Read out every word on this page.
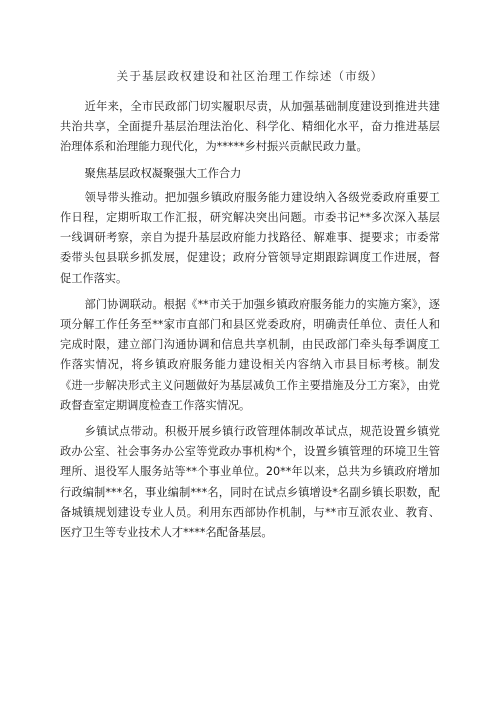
关于基层政权建设和社区治理工作综述（市级）

近年来，全市民政部门切实履职尽责，从加强基础制度建设到推进共建共治共享，全面提升基层治理法治化、科学化、精细化水平，奋力推进基层治理体系和治理能力现代化，为*****乡村振兴贡献民政力量。

聚焦基层政权凝聚强大工作合力

领导带头推动。把加强乡镇政府服务能力建设纳入各级党委政府重要工作日程，定期听取工作汇报，研究解决突出问题。市委书记**多次深入基层一线调研考察，亲自为提升基层政府能力找路径、解难事、提要求；市委常委带头包县联乡抓发展，促建设；政府分管领导定期跟踪调度工作进展，督促工作落实。

部门协调联动。根据《**市关于加强乡镇政府服务能力的实施方案》，逐项分解工作任务至**家市直部门和县区党委政府，明确责任单位、责任人和完成时限，建立部门沟通协调和信息共享机制，由民政部门牵头每季调度工作落实情况，将乡镇政府服务能力建设相关内容纳入市县目标考核。制发《进一步解决形式主义问题做好为基层减负工作主要措施及分工方案》，由党政督查室定期调度检查工作落实情况。

乡镇试点带动。积极开展乡镇行政管理体制改革试点，规范设置乡镇党政办公室、社会事务办公室等党政办事机构*个，设置乡镇管理的环境卫生管理所、退役军人服务站等**个事业单位。20**年以来，总共为乡镇政府增加行政编制***名，事业编制***名，同时在试点乡镇增设*名副乡镇长职数，配备城镇规划建设专业人员。利用东西部协作机制，与**市互派农业、教育、医疗卫生等专业技术人才****名配备基层。
